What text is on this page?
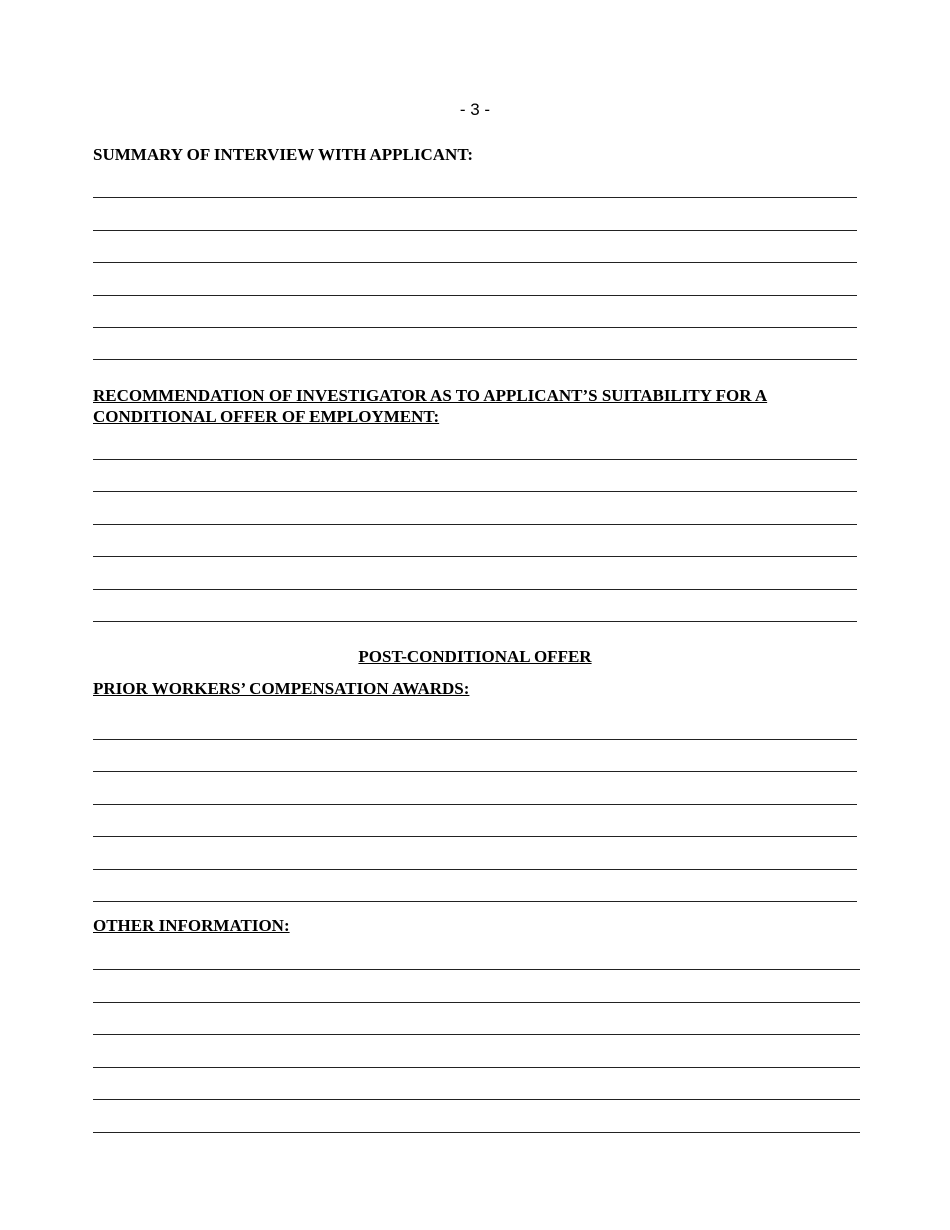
- 3 -
SUMMARY OF INTERVIEW WITH APPLICANT:
RECOMMENDATION OF INVESTIGATOR AS TO APPLICANT’S SUITABILITY FOR A
CONDITIONAL OFFER OF EMPLOYMENT:
POST-CONDITIONAL OFFER
PRIOR WORKERS’ COMPENSATION AWARDS:
OTHER INFORMATION:
